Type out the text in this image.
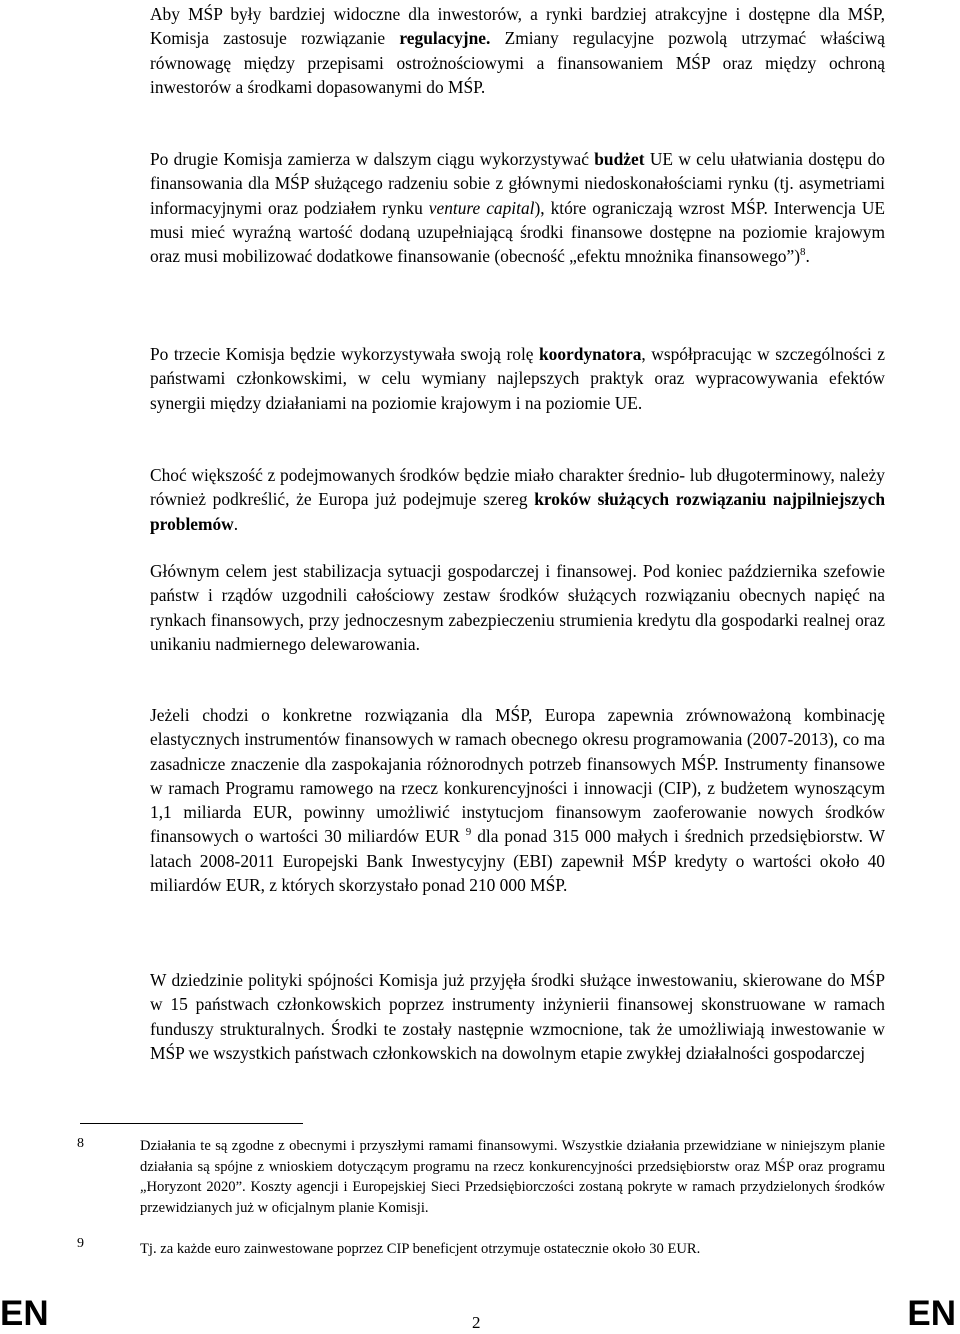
Aby MŚP były bardziej widoczne dla inwestorów, a rynki bardziej atrakcyjne i dostępne dla MŚP, Komisja zastosuje rozwiązanie regulacyjne. Zmiany regulacyjne pozwolą utrzymać właściwą równowagę między przepisami ostrożnościowymi a finansowaniem MŚP oraz między ochroną inwestorów a środkami dopasowanymi do MŚP.

Po drugie Komisja zamierza w dalszym ciągu wykorzystywać budżet UE w celu ułatwiania dostępu do finansowania dla MŚP służącego radzeniu sobie z głównymi niedoskonałościami rynku (tj. asymetriami informacyjnymi oraz podziałem rynku venture capital), które ograniczają wzrost MŚP. Interwencja UE musi mieć wyraźną wartość dodaną uzupełniającą środki finansowe dostępne na poziomie krajowym oraz musi mobilizować dodatkowe finansowanie (obecność „efektu mnożnika finansowego”)$^8$.

Po trzecie Komisja będzie wykorzystywała swoją rolę koordynatora, współpracując w szczególności z państwami członkowskimi, w celu wymiany najlepszych praktyk oraz wypracowywania efektów synergii między działaniami na poziomie krajowym i na poziomie UE.

Choć większość z podejmowanych środków będzie miało charakter średnio- lub długoterminowy, należy również podkreślić, że Europa już podejmuje szereg kroków służących rozwiązaniu najpilniejszych problemów.

Głównym celem jest stabilizacja sytuacji gospodarczej i finansowej. Pod koniec października szefowie państw i rządów uzgodnili całościowy zestaw środków służących rozwiązaniu obecnych napięć na rynkach finansowych, przy jednoczesnym zabezpieczeniu strumienia kredytu dla gospodarki realnej oraz unikaniu nadmiernego delewarowania.

Jeżeli chodzi o konkretne rozwiązania dla MŚP, Europa zapewnia zrównoważoną kombinację elastycznych instrumentów finansowych w ramach obecnego okresu programowania (2007-2013), co ma zasadnicze znaczenie dla zaspokajania różnorodnych potrzeb finansowych MŚP. Instrumenty finansowe w ramach Programu ramowego na rzecz konkurencyjności i innowacji (CIP), z budżetem wynoszącym 1,1 miliarda EUR, powinny umożliwić instytucjom finansowym zaoferowanie nowych środków finansowych o wartości 30 miliardów EUR $^9$ dla ponad 315 000 małych i średnich przedsiębiorstw. W latach 2008-2011 Europejski Bank Inwestycyjny (EBI) zapewnił MŚP kredyty o wartości około 40 miliardów EUR, z których skorzystało ponad 210 000 MŚP.

W dziedzinie polityki spójności Komisja już przyjęła środki służące inwestowaniu, skierowane do MŚP w 15 państwach członkowskich poprzez instrumenty inżynierii finansowej skonstruowane w ramach funduszy strukturalnych. Środki te zostały następnie wzmocnione, tak że umożliwiają inwestowanie w MŚP we wszystkich państwach członkowskich na dowolnym etapie zwykłej działalności gospodarczej

8	Działania te są zgodne z obecnymi i przyszłymi ramami finansowymi. Wszystkie działania przewidziane w niniejszym planie działania są spójne z wnioskiem dotyczącym programu na rzecz konkurencyjności przedsiębiorstw oraz MŚP oraz programu „Horyzont 2020”. Koszty agencji i Europejskiej Sieci Przedsiębiorczości zostaną pokryte w ramach przydzielonych środków przewidzianych już w oficjalnym planie Komisji.

9	Tj. za każde euro zainwestowane poprzez CIP beneficjent otrzymuje ostatecznie około 30 EUR.

EN	2	EN
